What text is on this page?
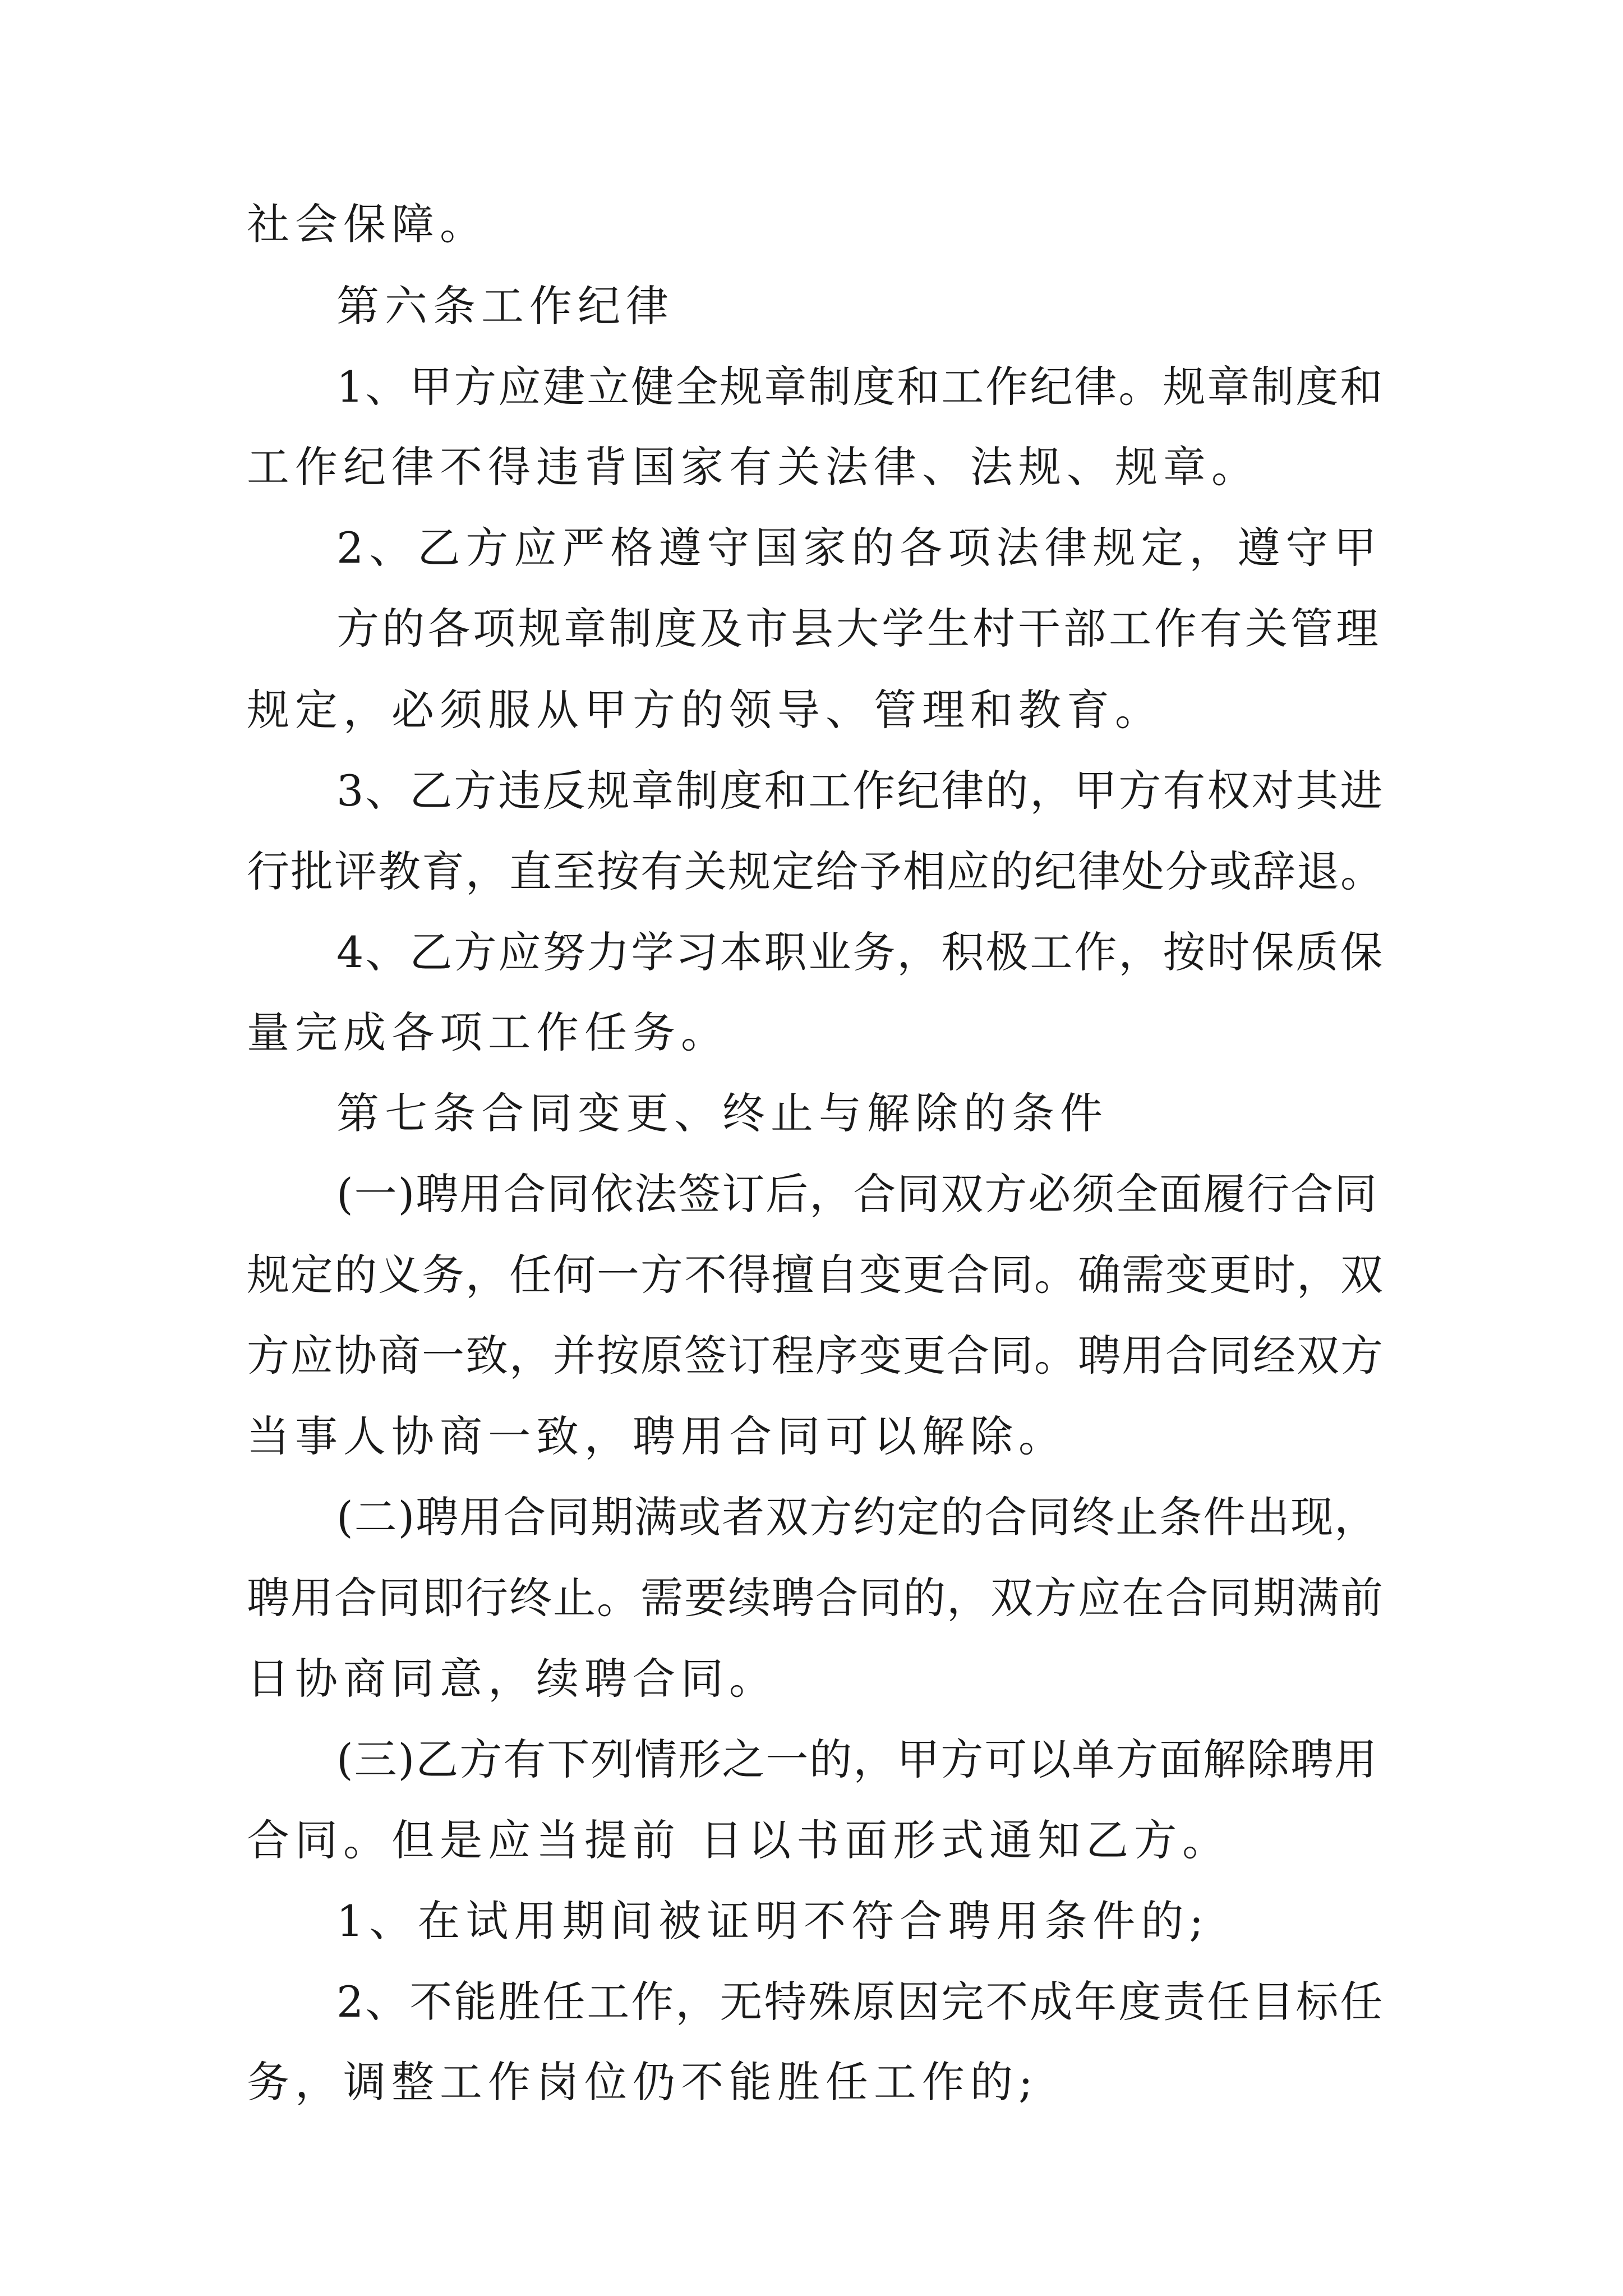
社会保障。
第六条工作纪律
1、甲方应建立健全规章制度和工作纪律。规章制度和
工作纪律不得违背国家有关法律、法规、规章。
2、乙方应严格遵守国家的各项法律规定，遵守甲
方的各项规章制度及市县大学生村干部工作有关管理
规定，必须服从甲方的领导、管理和教育。
3、乙方违反规章制度和工作纪律的，甲方有权对其进
行批评教育，直至按有关规定给予相应的纪律处分或辞退。
4、乙方应努力学习本职业务，积极工作，按时保质保
量完成各项工作任务。
第七条合同变更、终止与解除的条件
(一)聘用合同依法签订后，合同双方必须全面履行合同
规定的义务，任何一方不得擅自变更合同。确需变更时，双
方应协商一致，并按原签订程序变更合同。聘用合同经双方
当事人协商一致，聘用合同可以解除。
(二)聘用合同期满或者双方约定的合同终止条件出现，
聘用合同即行终止。需要续聘合同的，双方应在合同期满前
日协商同意，续聘合同。
(三)乙方有下列情形之一的，甲方可以单方面解除聘用
合同。但是应当提前 日以书面形式通知乙方。
1、在试用期间被证明不符合聘用条件的;
2、不能胜任工作，无特殊原因完不成年度责任目标任
务，调整工作岗位仍不能胜任工作的;
